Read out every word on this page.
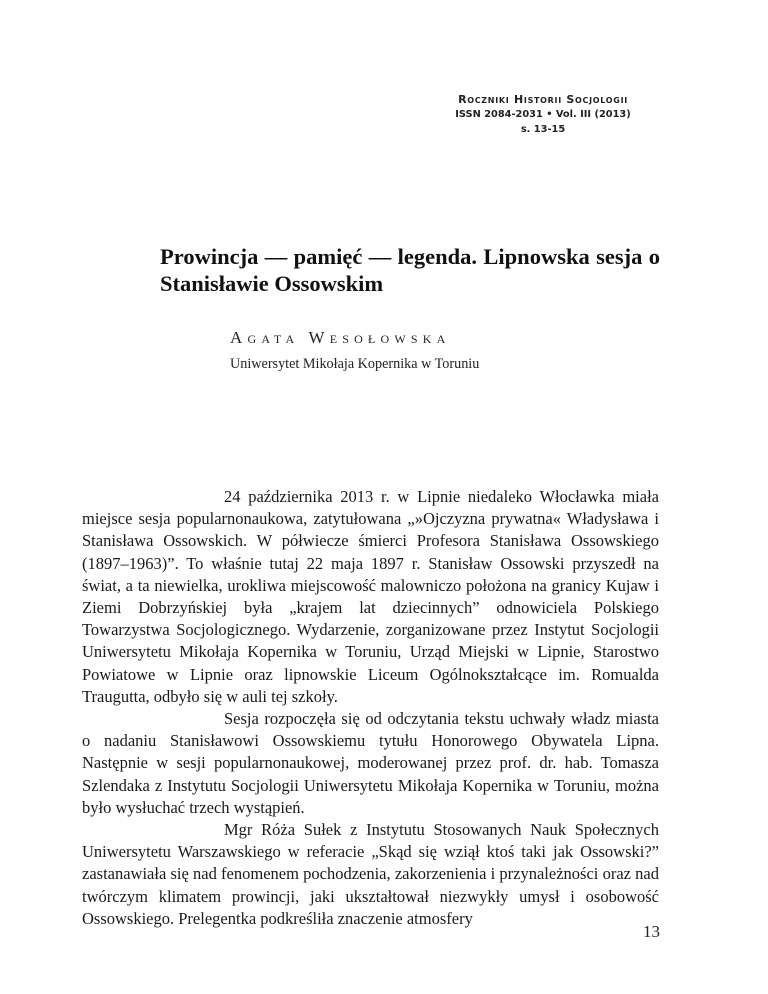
Roczniki Historii Socjologii
ISSN 2084-2031 • Vol. III (2013)
s. 13-15
Prowincja — pamięć — legenda. Lipnowska sesja o Stanisławie Ossowskim
Agata Wesołowska
Uniwersytet Mikołaja Kopernika w Toruniu

24 października 2013 r. w Lipnie niedaleko Włocławka miała miejsce sesja popularnonaukowa, zatytułowana „»Ojczyzna prywatna« Władysława i Stanisława Ossowskich. W półwiecze śmierci Profesora Stanisława Ossowskiego (1897–1963)”. To właśnie tutaj 22 maja 1897 r. Stanisław Ossowski przyszedł na świat, a ta niewielka, urokliwa miejscowość malowniczo położona na granicy Kujaw i Ziemi Dobrzyńskiej była „krajem lat dziecinnych” odnowiciela Polskiego Towarzystwa Socjologicznego. Wydarzenie, zorganizowane przez Instytut Socjologii Uniwersytetu Mikołaja Kopernika w Toruniu, Urząd Miejski w Lipnie, Starostwo Powiatowe w Lipnie oraz lipnowskie Liceum Ogólnokształcące im. Romualda Traugutta, odbyło się w auli tej szkoły.

Sesja rozpoczęła się od odczytania tekstu uchwały władz miasta o nadaniu Stanisławowi Ossowskiemu tytułu Honorowego Obywatela Lipna. Następnie w sesji popularnonaukowej, moderowanej przez prof. dr. hab. Tomasza Szlendaka z Instytutu Socjologii Uniwersytetu Mikołaja Kopernika w Toruniu, można było wysłuchać trzech wystąpień.

Mgr Róża Sułek z Instytutu Stosowanych Nauk Społecznych Uniwersytetu Warszawskiego w referacie „Skąd się wziął ktoś taki jak Ossowski?” zastanawiała się nad fenomenem pochodzenia, zakorzenienia i przynależności oraz nad twórczym klimatem prowincji, jaki ukształtował niezwykły umysł i osobowość Ossowskiego. Prelegentka podkreśliła znaczenie atmosfery

13
